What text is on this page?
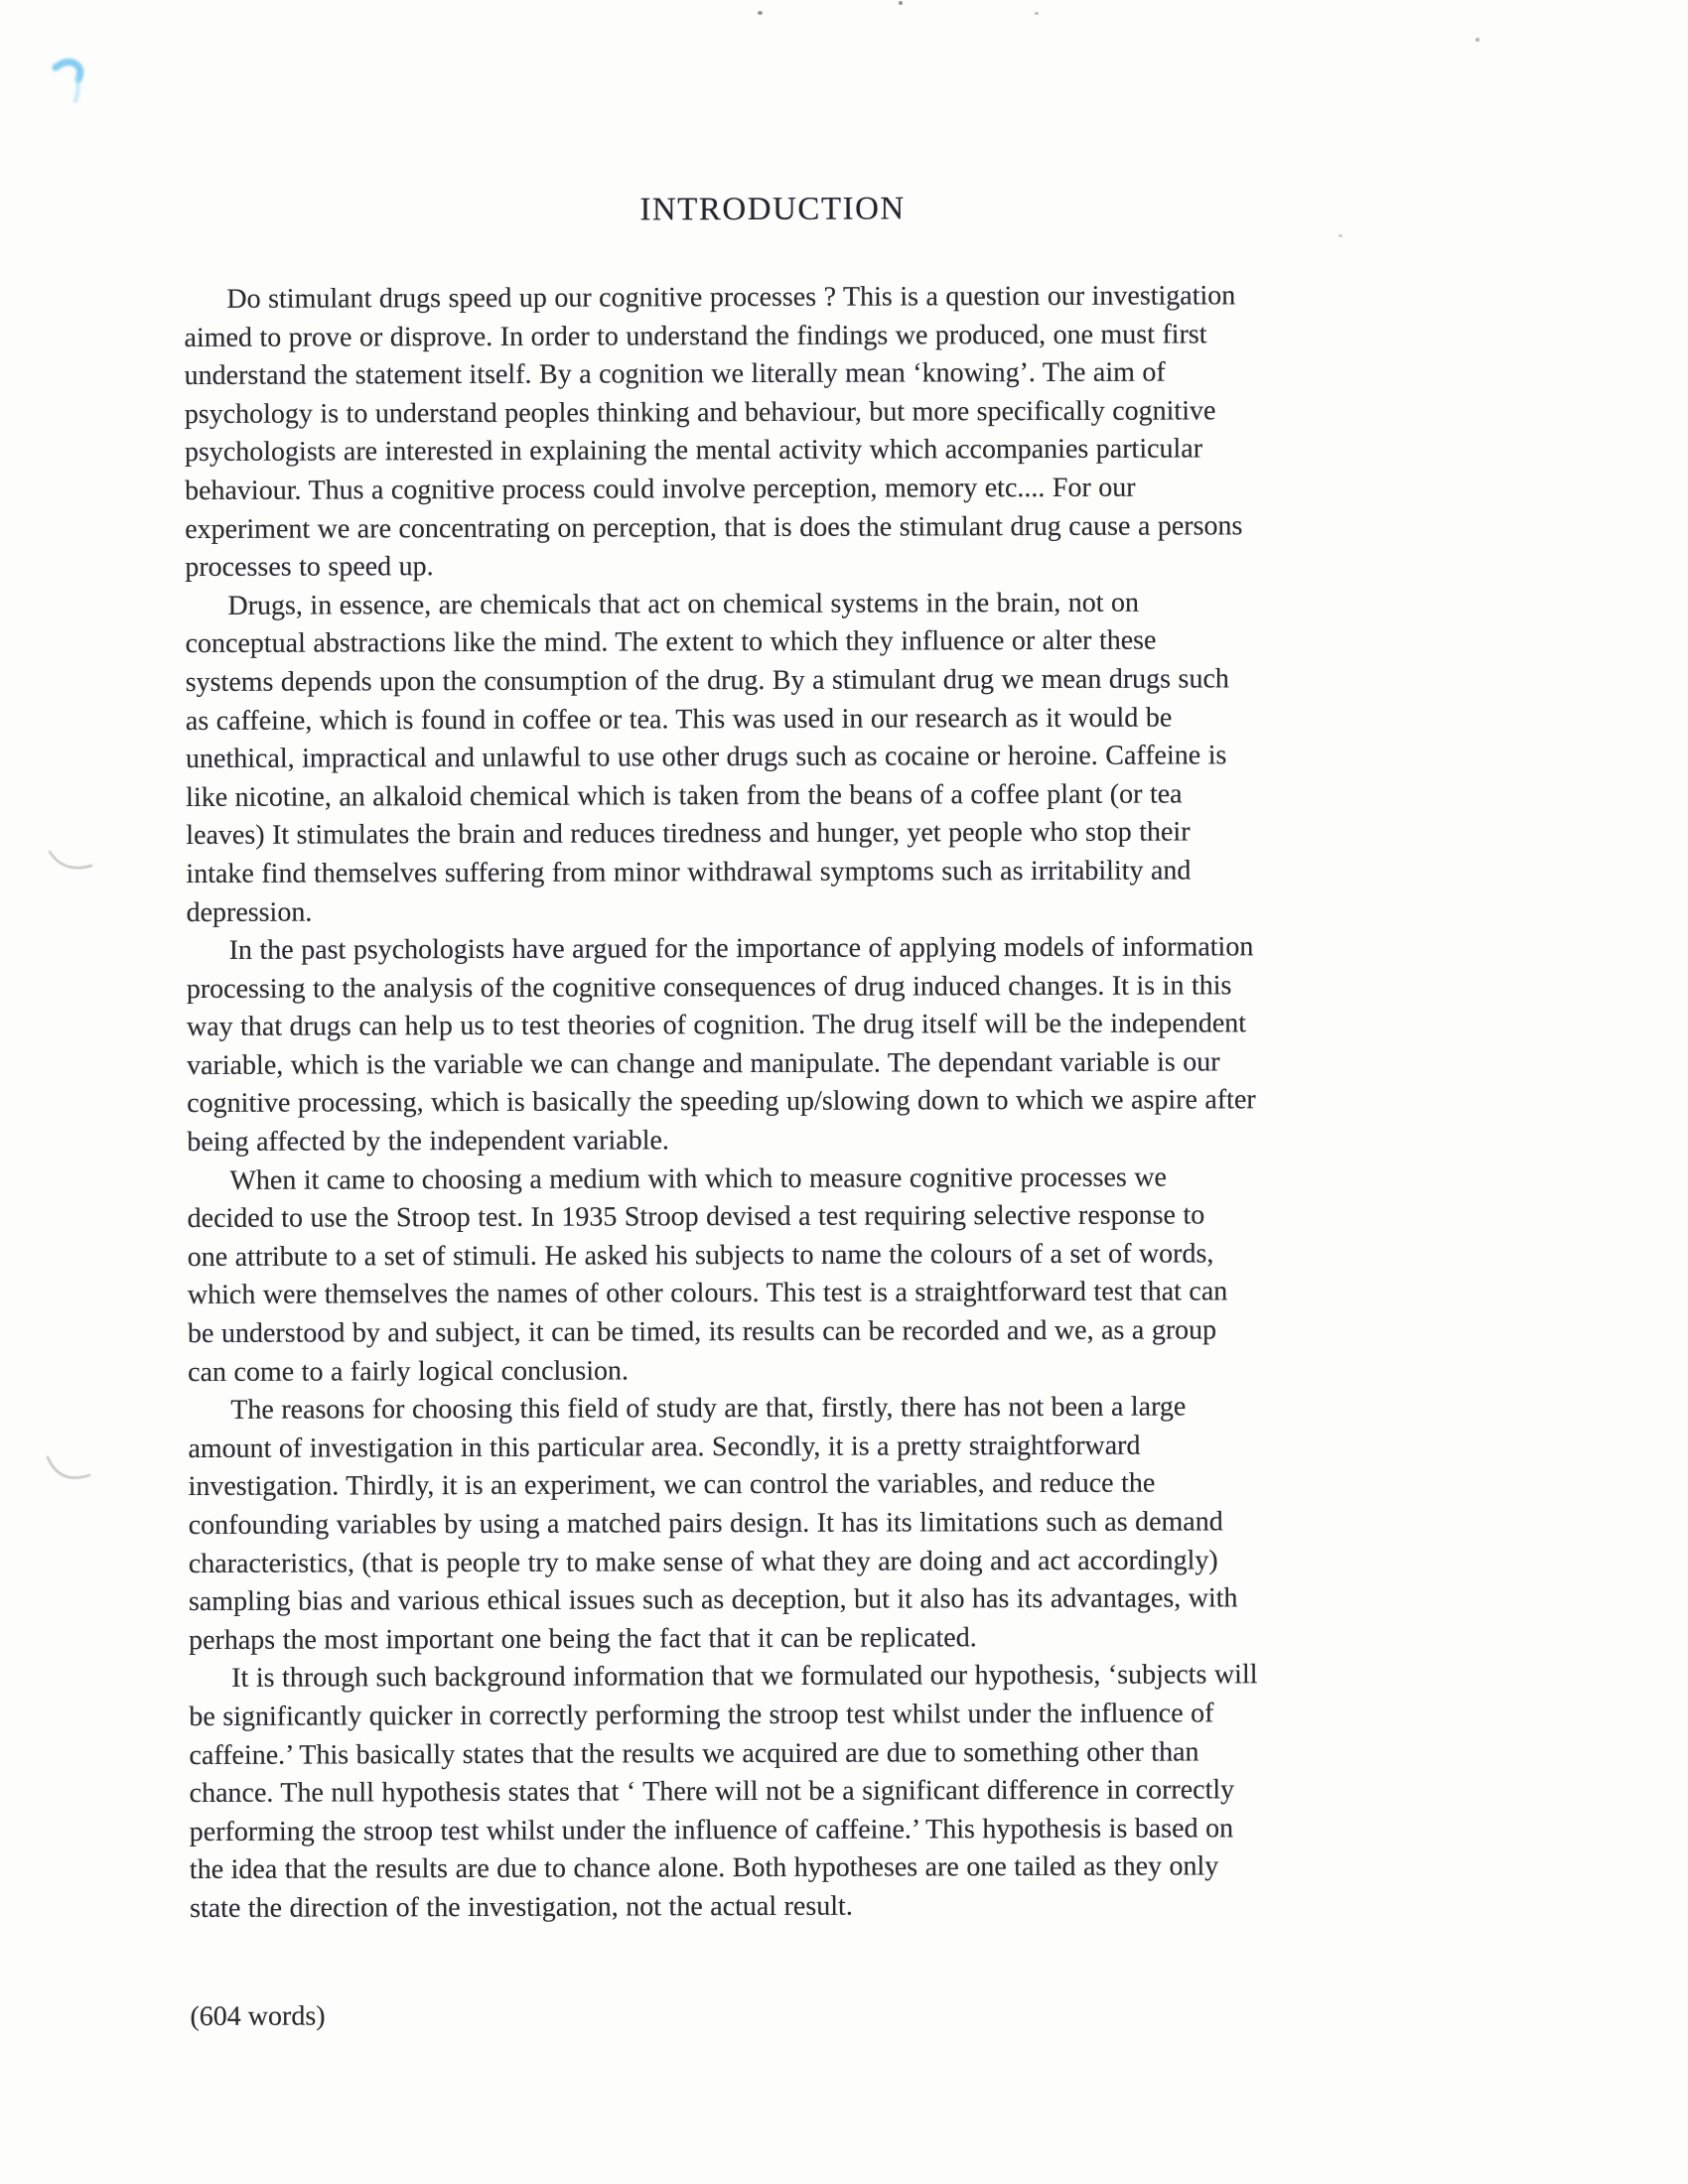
INTRODUCTION
Do stimulant drugs speed up our cognitive processes ? This is a question our investigation
aimed to prove or disprove. In order to understand the findings we produced, one must first
understand the statement itself. By a cognition we literally mean ‘knowing’. The aim of
psychology is to understand peoples thinking and behaviour, but more specifically cognitive
psychologists are interested in explaining the mental activity which accompanies particular
behaviour. Thus a cognitive process could involve perception, memory etc.... For our
experiment we are concentrating on perception, that is does the stimulant drug cause a persons
processes to speed up.
Drugs, in essence, are chemicals that act on chemical systems in the brain, not on
conceptual abstractions like the mind. The extent to which they influence or alter these
systems depends upon the consumption of the drug. By a stimulant drug we mean drugs such
as caffeine, which is found in coffee or tea. This was used in our research as it would be
unethical, impractical and unlawful to use other drugs such as cocaine or heroine. Caffeine is
like nicotine, an alkaloid chemical which is taken from the beans of a coffee plant (or tea
leaves) It stimulates the brain and reduces tiredness and hunger, yet people who stop their
intake find themselves suffering from minor withdrawal symptoms such as irritability and
depression.
In the past psychologists have argued for the importance of applying models of information
processing to the analysis of the cognitive consequences of drug induced changes. It is in this
way that drugs can help us to test theories of cognition. The drug itself will be the independent
variable, which is the variable we can change and manipulate. The dependant variable is our
cognitive processing, which is basically the speeding up/slowing down to which we aspire after
being affected by the independent variable.
When it came to choosing a medium with which to measure cognitive processes we
decided to use the Stroop test. In 1935 Stroop devised a test requiring selective response to
one attribute to a set of stimuli. He asked his subjects to name the colours of a set of words,
which were themselves the names of other colours. This test is a straightforward test that can
be understood by and subject, it can be timed, its results can be recorded and we, as a group
can come to a fairly logical conclusion.
The reasons for choosing this field of study are that, firstly, there has not been a large
amount of investigation in this particular area. Secondly, it is a pretty straightforward
investigation. Thirdly, it is an experiment, we can control the variables, and reduce the
confounding variables by using a matched pairs design. It has its limitations such as demand
characteristics, (that is people try to make sense of what they are doing and act accordingly)
sampling bias and various ethical issues such as deception, but it also has its advantages, with
perhaps the most important one being the fact that it can be replicated.
It is through such background information that we formulated our hypothesis, ‘subjects will
be significantly quicker in correctly performing the stroop test whilst under the influence of
caffeine.’ This basically states that the results we acquired are due to something other than
chance. The null hypothesis states that ‘ There will not be a significant difference in correctly
performing the stroop test whilst under the influence of caffeine.’ This hypothesis is based on
the idea that the results are due to chance alone. Both hypotheses are one tailed as they only
state the direction of the investigation, not the actual result.
(604 words)
